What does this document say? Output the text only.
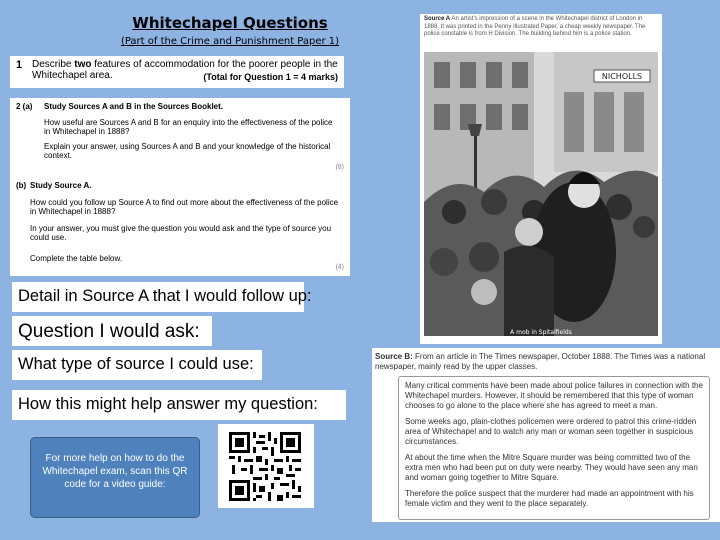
Whitechapel Questions
(Part of the Crime and Punishment Paper 1)
1 Describe two features of accommodation for the poorer people in the Whitechapel area.	(Total for Question 1 = 4 marks)
2 (a) Study Sources A and B in the Sources Booklet.
How useful are Sources A and B for an enquiry into the effectiveness of the police in Whitechapel in 1888?
Explain your answer, using Sources A and B and your knowledge of the historical context.
(8)
(b) Study Source A.
How could you follow up Source A to find out more about the effectiveness of the police in Whitechapel in 1888?
In your answer, you must give the question you would ask and the type of source you could use.
Complete the table below.
(4)
Detail in Source A that I would follow up:
Question I would ask:
What type of source I could use:
How this might help answer my question:
For more help on how to do the Whitechapel exam, scan this QR code for a video guide:
Source A An artist's impression of a scene in the Whitechapel district of London in 1888. It was printed in the Penny Illustrated Paper, a cheap weekly newspaper. The police constable is from H Division. The building behind him is a police station.
NICHOLLS
A mob in Spitalfields
Source B: From an article in The Times newspaper, October 1888. The Times was a national newspaper, mainly read by the upper classes.

Many critical comments have been made about police failures in connection with the Whitechapel murders. However, it should be remembered that this type of woman chooses to go alone to the place where she has agreed to meet a man.

Some weeks ago, plain-clothes policemen were ordered to patrol this crime-ridden area of Whitechapel and to watch any man or woman seen together in suspicious circumstances.

At about the time when the Mitre Square murder was being committed two of the extra men who had been put on duty were nearby. They would have seen any man and woman going together to Mitre Square.

Therefore the police suspect that the murderer had made an appointment with his female victim and they went to the place separately.
